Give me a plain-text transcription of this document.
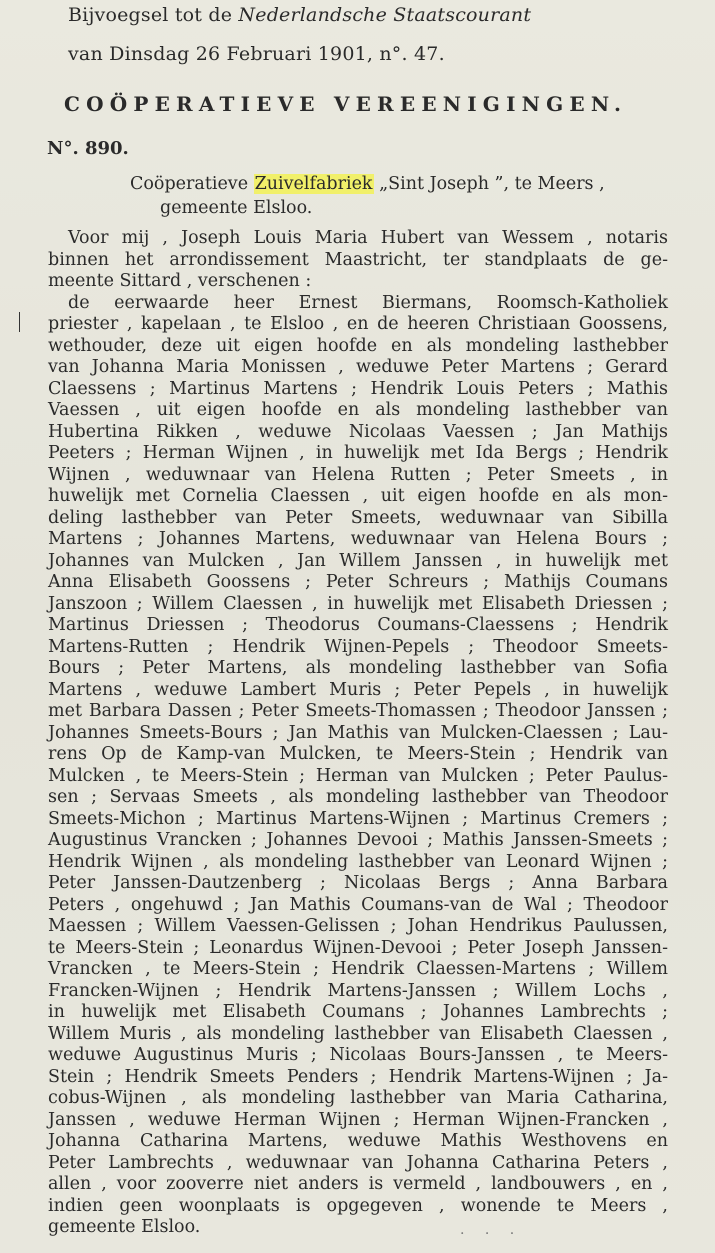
Bijvoegsel tot de Nederlandsche Staatscourant
van Dinsdag 26 Februari 1901, n°. 47.
COÖPERATIEVE VEREENIGINGEN.
N°. 890.
Coöperatieve Zuivelfabriek „Sint Joseph ”, te Meers ,
gemeente Elsloo.
Voor mij , Joseph Louis Maria Hubert van Wessem , notaris
binnen het arrondissement Maastricht, ter standplaats de ge-
meente Sittard , verschenen :
de eerwaarde heer Ernest Biermans, Roomsch-Katholiek
priester , kapelaan , te Elsloo , en de heeren Christiaan Goossens,
wethouder, deze uit eigen hoofde en als mondeling lasthebber
van Johanna Maria Monissen , weduwe Peter Martens ; Gerard
Claessens ; Martinus Martens ; Hendrik Louis Peters ; Mathis
Vaessen , uit eigen hoofde en als mondeling lasthebber van
Hubertina Rikken , weduwe Nicolaas Vaessen ; Jan Mathijs
Peeters ; Herman Wijnen , in huwelijk met Ida Bergs ; Hendrik
Wijnen , weduwnaar van Helena Rutten ; Peter Smeets , in
huwelijk met Cornelia Claessen , uit eigen hoofde en als mon-
deling lasthebber van Peter Smeets, weduwnaar van Sibilla
Martens ; Johannes Martens, weduwnaar van Helena Bours ;
Johannes van Mulcken , Jan Willem Janssen , in huwelijk met
Anna Elisabeth Goossens ; Peter Schreurs ; Mathijs Coumans
Janszoon ; Willem Claessen , in huwelijk met Elisabeth Driessen ;
Martinus Driessen ; Theodorus Coumans-Claessens ; Hendrik
Martens-Rutten ; Hendrik Wijnen-Pepels ; Theodoor Smeets-
Bours ; Peter Martens, als mondeling lasthebber van Sofia
Martens , weduwe Lambert Muris ; Peter Pepels , in huwelijk
met Barbara Dassen ; Peter Smeets-Thomassen ; Theodoor Janssen ;
Johannes Smeets-Bours ; Jan Mathis van Mulcken-Claessen ; Lau-
rens Op de Kamp-van Mulcken, te Meers-Stein ; Hendrik van
Mulcken , te Meers-Stein ; Herman van Mulcken ; Peter Paulus-
sen ; Servaas Smeets , als mondeling lasthebber van Theodoor
Smeets-Michon ; Martinus Martens-Wijnen ; Martinus Cremers ;
Augustinus Vrancken ; Johannes Devooi ; Mathis Janssen-Smeets ;
Hendrik Wijnen , als mondeling lasthebber van Leonard Wijnen ;
Peter Janssen-Dautzenberg ; Nicolaas Bergs ; Anna Barbara
Peters , ongehuwd ; Jan Mathis Coumans-van de Wal ; Theodoor
Maessen ; Willem Vaessen-Gelissen ; Johan Hendrikus Paulussen,
te Meers-Stein ; Leonardus Wijnen-Devooi ; Peter Joseph Janssen-
Vrancken , te Meers-Stein ; Hendrik Claessen-Martens ; Willem
Francken-Wijnen ; Hendrik Martens-Janssen ; Willem Lochs ,
in huwelijk met Elisabeth Coumans ; Johannes Lambrechts ;
Willem Muris , als mondeling lasthebber van Elisabeth Claessen ,
weduwe Augustinus Muris ; Nicolaas Bours-Janssen , te Meers-
Stein ; Hendrik Smeets Penders ; Hendrik Martens-Wijnen ; Ja-
cobus-Wijnen , als mondeling lasthebber van Maria Catharina,
Janssen , weduwe Herman Wijnen ; Herman Wijnen-Francken ,
Johanna Catharina Martens, weduwe Mathis Westhovens en
Peter Lambrechts , weduwnaar van Johanna Catharina Peters ,
allen , voor zooverre niet anders is vermeld , landbouwers , en ,
indien geen woonplaats is opgegeven , wonende te Meers ,
gemeente Elsloo.	. . .
